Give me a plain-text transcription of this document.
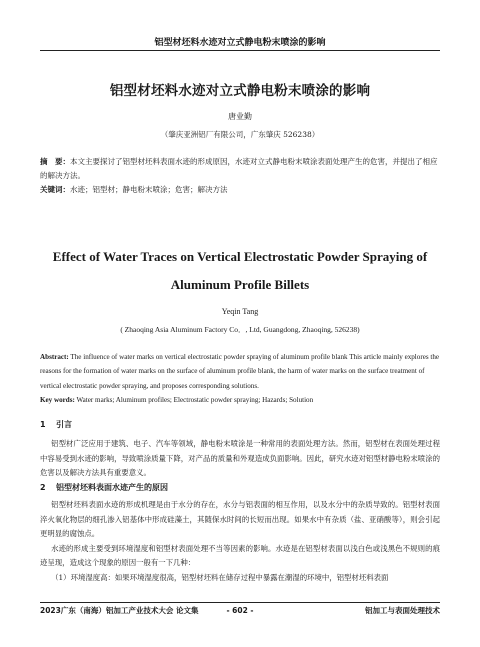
铝型材坯料水迹对立式静电粉末喷涂的影响
铝型材坯料水迹对立式静电粉末喷涂的影响
唐业勤
（肇庆亚洲铝厂有限公司，广东肇庆 526238）
摘　要：本文主要探讨了铝型材坯料表面水迹的形成原因，水迹对立式静电粉末喷涂表面处理产生的危害，并提出了相应的解决方法。
关键词：水迹；铝型材；静电粉末喷涂；危害；解决方法
Effect of Water Traces on Vertical Electrostatic Powder Spraying of Aluminum Profile Billets
Yeqin Tang
( Zhaoqing Asia Aluminum Factory Co．, Ltd, Guangdong, Zhaoqing, 526238)
Abstract: The influence of water marks on vertical electrostatic powder spraying of aluminum profile blank This article mainly explores the reasons for the formation of water marks on the surface of aluminum profile blank, the harm of water marks on the surface treatment of vertical electrostatic powder spraying, and proposes corresponding solutions.
Key words: Water marks; Aluminum profiles; Electrostatic powder spraying; Hazards; Solution
1 引言

铝型材广泛应用于建筑、电子、汽车等领域，静电粉末喷涂是一种常用的表面处理方法。然而，铝型材在表面处理过程中容易受到水迹的影响，导致喷涂质量下降，对产品的质量和外观造成负面影响。因此，研究水迹对铝型材静电粉末喷涂的危害以及解决方法具有重要意义。

2 铝型材坯料表面水迹产生的原因

铝型材坯料表面水迹的形成机理是由于水分的存在，水分与铝表面的相互作用，以及水分中的杂质导致的。铝型材表面淬火氧化物层的细孔渗入铝基体中形成硅藻土，其随保水时间的长短而出现。如果水中有杂质（盐、亚硝酸等），则会引起更明显的腐蚀点。

水迹的形成主要受到环境湿度和铝型材表面处理不当等因素的影响。水迹是在铝型材表面以浅白色或浅黑色不规则的痕迹呈现，造成这个现象的原因一般有一下几种：

（1）环境湿度高：如果环境湿度很高，铝型材坯料在储存过程中暴露在潮湿的环境中，铝型材坯料表面

2023广东（南海）铝加工产业技术大会 论文集	- 602 -	铝加工与表面处理技术
